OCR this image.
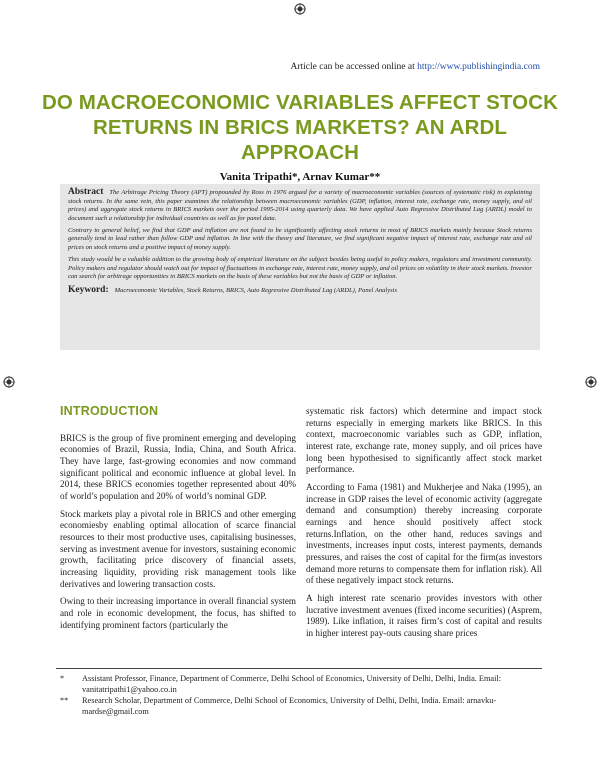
Article can be accessed online at http://www.publishingindia.com
DO MACROECONOMIC VARIABLES AFFECT STOCK RETURNS IN BRICS MARKETS? AN ARDL APPROACH
Vanita Tripathi*, Arnav Kumar**

Abstract The Arbitrage Pricing Theory (APT) propounded by Ross in 1976 argued for a variety of macroeconomic variables (sources of systematic risk) in explaining stock returns. In the same vein, this paper examines the relationship between macroeconomic variables (GDP, inflation, interest rate, exchange rate, money supply, and oil prices) and aggregate stock returns in BRICS markets over the period 1995-2014 using quarterly data. We have applied Auto Regressive Distributed Lag (ARDL) model to document such a relationship for individual countries as well as for panel data.

Contrary to general belief, we find that GDP and inflation are not found to be significantly affecting stock returns in most of BRICS markets mainly because Stock returns generally tend to lead rather than follow GDP and inflation. In line with the theory and literature, we find significant negative impact of interest rate, exchange rate and oil prices on stock returns and a positive impact of money supply.

This study would be a valuable addition to the growing body of empirical literature on the subject besides being useful to policy makers, regulators and investment community. Policy makers and regulator should watch out for impact of fluctuations in exchange rate, interest rate, money supply, and oil prices on volatility in their stock markets. Investor can search for arbitrage opportunities in BRICS markets on the basis of these variables but not the basis of GDP or inflation.

Keyword: Macroeconomic Variables, Stock Returns, BRICS, Auto Regressive Distributed Lag (ARDL), Panel Analysis
INTRODUCTION

BRICS is the group of five prominent emerging and developing economies of Brazil, Russia, India, China, and South Africa. They have large, fast-growing economies and now command significant political and economic influence at global level. In 2014, these BRICS economies together represented about 40% of world’s population and 20% of world’s nominal GDP.

Stock markets play a pivotal role in BRICS and other emerging economiesby enabling optimal allocation of scarce financial resources to their most productive uses, capitalising businesses, serving as investment avenue for investors, sustaining economic growth, facilitating price discovery of financial assets, increasing liquidity, providing risk management tools like derivatives and lowering transaction costs.

Owing to their increasing importance in overall financial system and role in economic development, the focus, has shifted to identifying prominent factors (particularly the

systematic risk factors) which determine and impact stock returns especially in emerging markets like BRICS. In this context, macroeconomic variables such as GDP, inflation, interest rate, exchange rate, money supply, and oil prices have long been hypothesised to significantly affect stock market performance.

According to Fama (1981) and Mukherjee and Naka (1995), an increase in GDP raises the level of economic activity (aggregate demand and consumption) thereby increasing corporate earnings and hence should positively affect stock returns.Inflation, on the other hand, reduces savings and investments, increases input costs, interest payments, demands pressures, and raises the cost of capital for the firm(as investors demand more returns to compensate them for inflation risk). All of these negatively impact stock returns.

A high interest rate scenario provides investors with other lucrative investment avenues (fixed income securities) (Asprem, 1989). Like inflation, it raises firm’s cost of capital and results in higher interest pay-outs causing share prices

*	Assistant Professor, Finance, Department of Commerce, Delhi School of Economics, University of Delhi, Delhi, India. Email: vanitatripathi1@yahoo.co.in
**	Research Scholar, Department of Commerce, Delhi School of Economics, University of Delhi, Delhi, India. Email: arnavku-mardse@gmail.com
